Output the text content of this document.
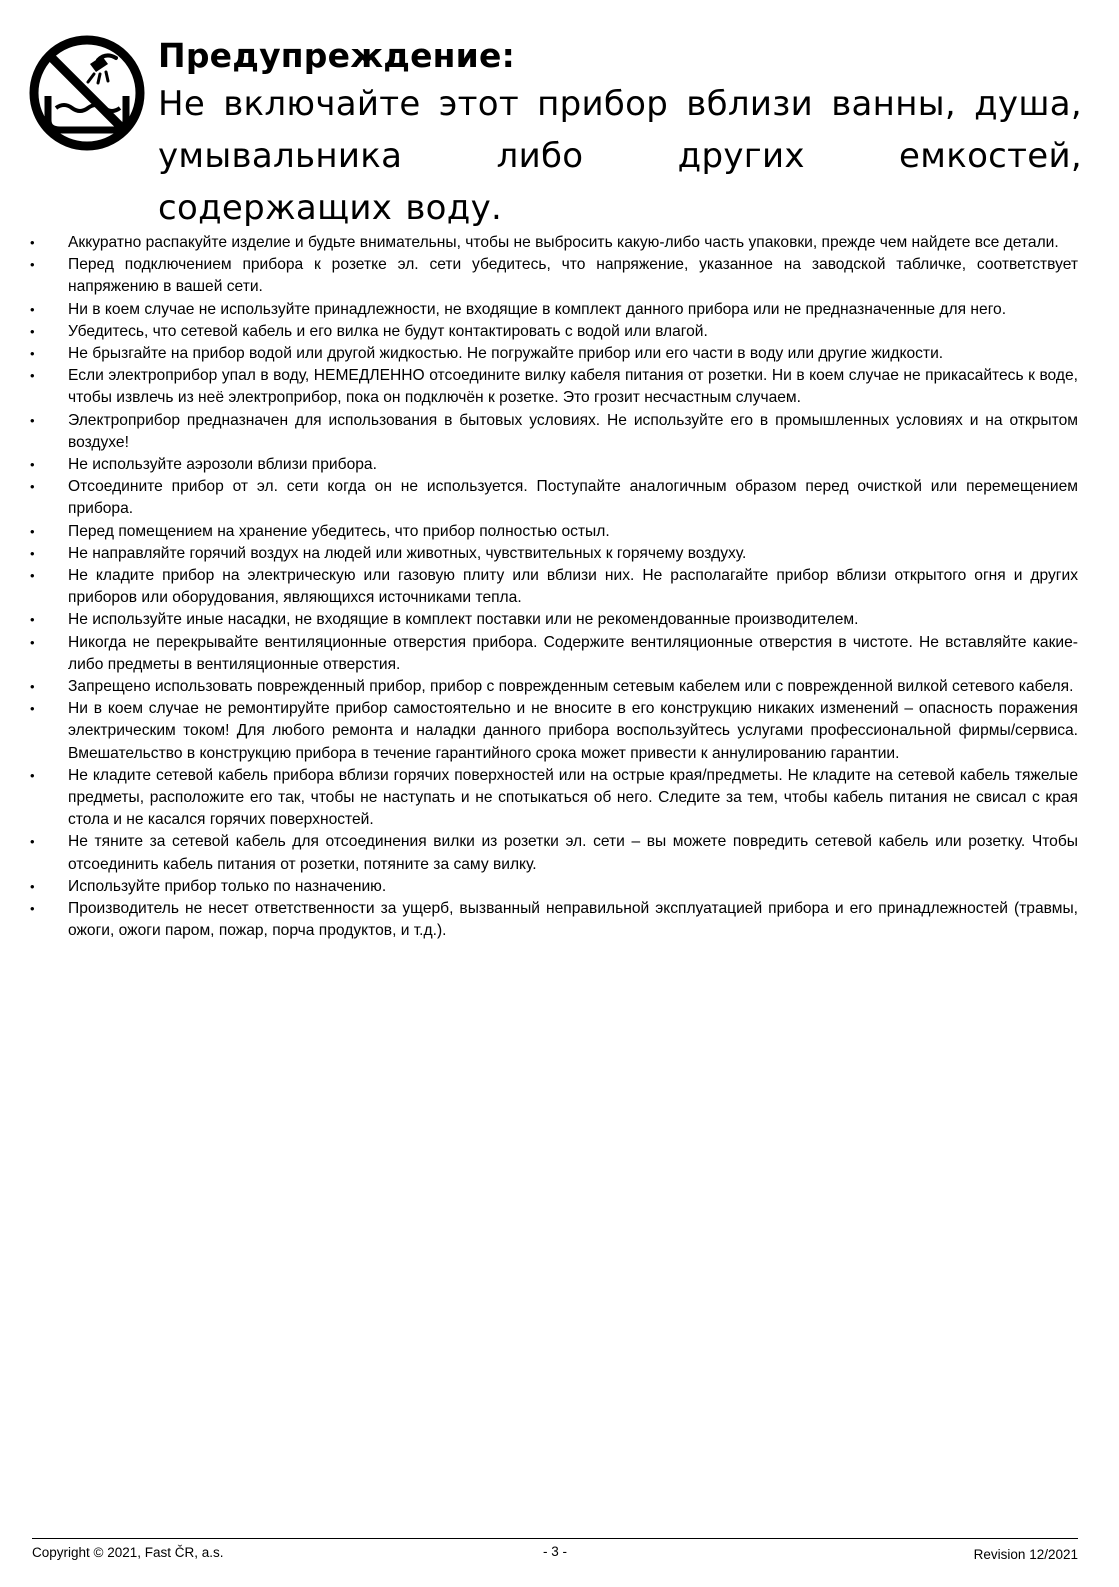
Предупреждение:

Не включайте этот прибор вблизи ванны, душа, умывальника либо других емкостей, содержащих воду.

•	Аккуратно распакуйте изделие и будьте внимательны, чтобы не выбросить какую-либо часть упаковки, прежде чем найдете все детали.
•	Перед подключением прибора к розетке эл. сети убедитесь, что напряжение, указанное на заводской табличке, соответствует напряжению в вашей сети.
•	Ни в коем случае не используйте принадлежности, не входящие в комплект данного прибора или не предназначенные для него.
•	Убедитесь, что сетевой кабель и его вилка не будут контактировать с водой или влагой.
•	Не брызгайте на прибор водой или другой жидкостью. Не погружайте прибор или его части в воду или другие жидкости.
•	Если электроприбор упал в воду, НЕМЕДЛЕННО отсоедините вилку кабеля питания от розетки. Ни в коем случае не прикасайтесь к воде, чтобы извлечь из неё электроприбор, пока он подключён к розетке. Это грозит несчастным случаем.
•	Электроприбор предназначен для использования в бытовых условиях. Не используйте его в промышленных условиях и на открытом воздухе!
•	Не используйте аэрозоли вблизи прибора.
•	Отсоедините прибор от эл. сети когда он не используется. Поступайте аналогичным образом перед очисткой или перемещением прибора.
•	Перед помещением на хранение убедитесь, что прибор полностью остыл.
•	Не направляйте горячий воздух на людей или животных, чувствительных к горячему воздуху.
•	Не кладите прибор на электрическую или газовую плиту или вблизи них. Не располагайте прибор вблизи открытого огня и других приборов или оборудования, являющихся источниками тепла.
•	Не используйте иные насадки, не входящие в комплект поставки или не рекомендованные производителем.
•	Никогда не перекрывайте вентиляционные отверстия прибора. Содержите вентиляционные отверстия в чистоте. Не вставляйте какие-либо предметы в вентиляционные отверстия.
•	Запрещено использовать поврежденный прибор, прибор с поврежденным сетевым кабелем или с поврежденной вилкой сетевого кабеля.
•	Ни в коем случае не ремонтируйте прибор самостоятельно и не вносите в его конструкцию никаких изменений – опасность поражения электрическим током! Для любого ремонта и наладки данного прибора воспользуйтесь услугами профессиональной фирмы/сервиса. Вмешательство в конструкцию прибора в течение гарантийного срока может привести к аннулированию гарантии.
•	Не кладите сетевой кабель прибора вблизи горячих поверхностей или на острые края/предметы. Не кладите на сетевой кабель тяжелые предметы, расположите его так, чтобы не наступать и не спотыкаться об него. Следите за тем, чтобы кабель питания не свисал с края стола и не касался горячих поверхностей.
•	Не тяните за сетевой кабель для отсоединения вилки из розетки эл. сети – вы можете повредить сетевой кабель или розетку. Чтобы отсоединить кабель питания от розетки, потяните за саму вилку.
•	Используйте прибор только по назначению.
•	Производитель не несет ответственности за ущерб, вызванный неправильной эксплуатацией прибора и его принадлежностей (травмы, ожоги, ожоги паром, пожар, порча продуктов, и т.д.).
Copyright © 2021, Fast ČR, a.s.	- 3 -	Revision 12/2021
